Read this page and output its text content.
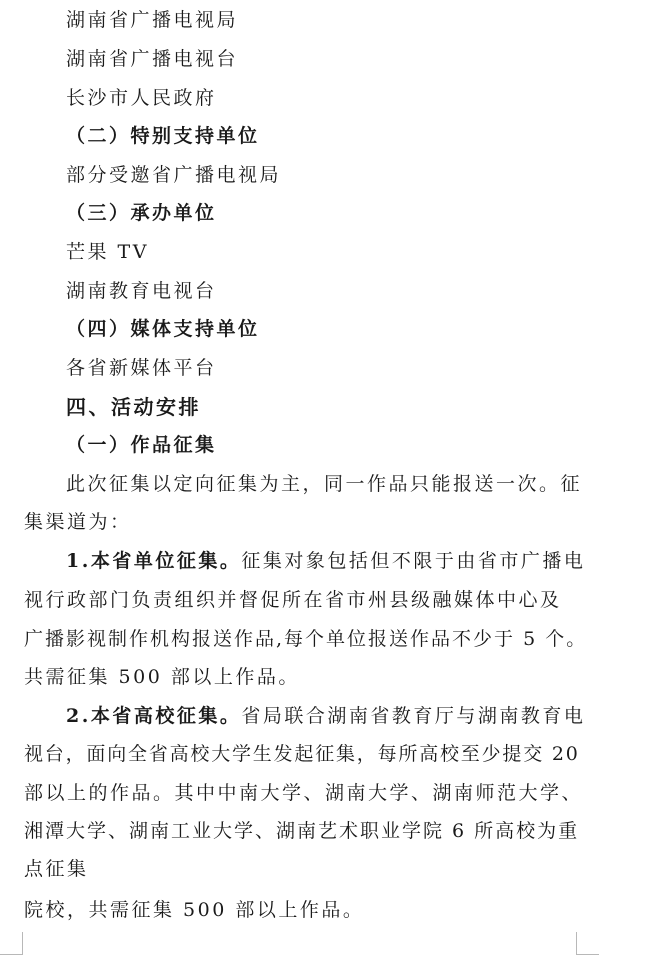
湖南省广播电视局
湖南省广播电视台
长沙市人民政府
（二）特别支持单位
部分受邀省广播电视局
（三）承办单位
芒果 TV
湖南教育电视台
（四）媒体支持单位
各省新媒体平台
四、活动安排
（一）作品征集
此次征集以定向征集为主，同一作品只能报送一次。征
集渠道为：
1.本省单位征集。征集对象包括但不限于由省市广播电
视行政部门负责组织并督促所在省市州县级融媒体中心及
广播影视制作机构报送作品,每个单位报送作品不少于 5 个。
共需征集 500 部以上作品。
2.本省高校征集。省局联合湖南省教育厅与湖南教育电
视台，面向全省高校大学生发起征集，每所高校至少提交 20
部以上的作品。其中中南大学、湖南大学、湖南师范大学、
湘潭大学、湖南工业大学、湖南艺术职业学院 6 所高校为重
点征集
院校，共需征集 500 部以上作品。
